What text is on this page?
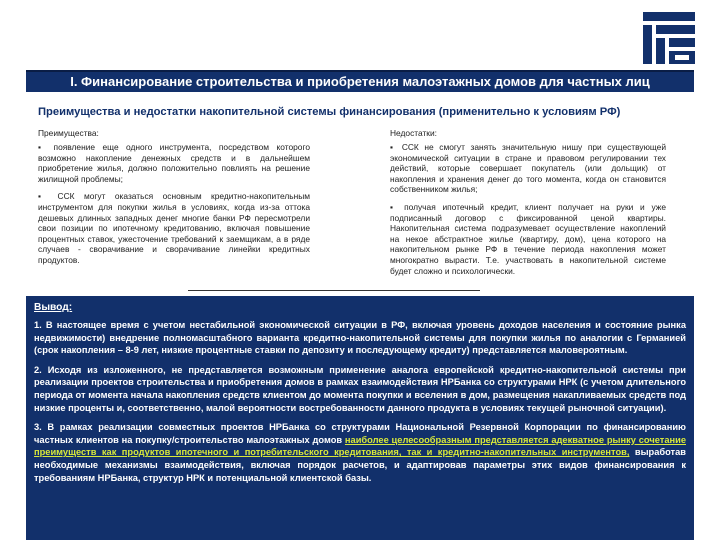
I. Финансирование строительства и приобретения малоэтажных домов для частных лиц
Преимущества и недостатки накопительной системы финансирования (применительно к условиям РФ)
Преимущества:	Недостатки:

▪ появление еще одного инструмента, посредством которого возможно накопление денежных средств и в дальнейшем приобретение жилья, должно положительно повлиять на решение жилищной проблемы;

▪ ССК могут оказаться основным кредитно-накопительным инструментом для покупки жилья в условиях, когда из-за оттока дешевых длинных западных денег многие банки РФ пересмотрели свои позиции по ипотечному кредитованию, включая повышение процентных ставок, ужесточение требований к заемщикам, а в ряде случаев - сворачивание и сворачивание линейки кредитных продуктов.

▪ ССК не смогут занять значительную нишу при существующей экономической ситуации в стране и правовом регулировании тех действий, которые совершает покупатель (или дольщик) от накопления и хранения денег до того момента, когда он становится собственником жилья;

▪ получая ипотечный кредит, клиент получает на руки и уже подписанный договор с фиксированной ценой квартиры. Накопительная система подразумевает осуществление накоплений на некое абстрактное жилье (квартиру, дом), цена которого на накопительном рынке РФ в течение периода накопления может многократно вырасти. Т.е. участвовать в накопительной системе будет сложно и психологически.

Вывод:

1. В настоящее время с учетом нестабильной экономической ситуации в РФ, включая уровень доходов населения и состояние рынка недвижимости) внедрение полномасштабного варианта кредитно-накопительной системы для покупки жилья по аналогии с Германией (срок накопления – 8-9 лет, низкие процентные ставки по депозиту и последующему кредиту) представляется маловероятным.

2. Исходя из изложенного, не представляется возможным применение аналога европейской кредитно-накопительной системы при реализации проектов строительства и приобретения домов в рамках взаимодействия НРБанка со структурами НРК (с учетом длительного периода от момента начала накопления средств клиентом до момента покупки и вселения в дом, размещения накапливаемых средств под низкие проценты и, соответственно, малой вероятности востребованности данного продукта в условиях текущей рыночной ситуации).

3. В рамках реализации совместных проектов НРБанка со структурами Национальной Резервной Корпорации по финансированию частных клиентов на покупку/строительство малоэтажных домов наиболее целесообразным представляется адекватное рынку сочетание преимуществ как продуктов ипотечного и потребительского кредитования, так и кредитно-накопительных инструментов, выработав необходимые механизмы взаимодействия, включая порядок расчетов, и адаптировав параметры этих видов финансирования к требованиям НРБанка, структур НРК и потенциальной клиентской базы.
